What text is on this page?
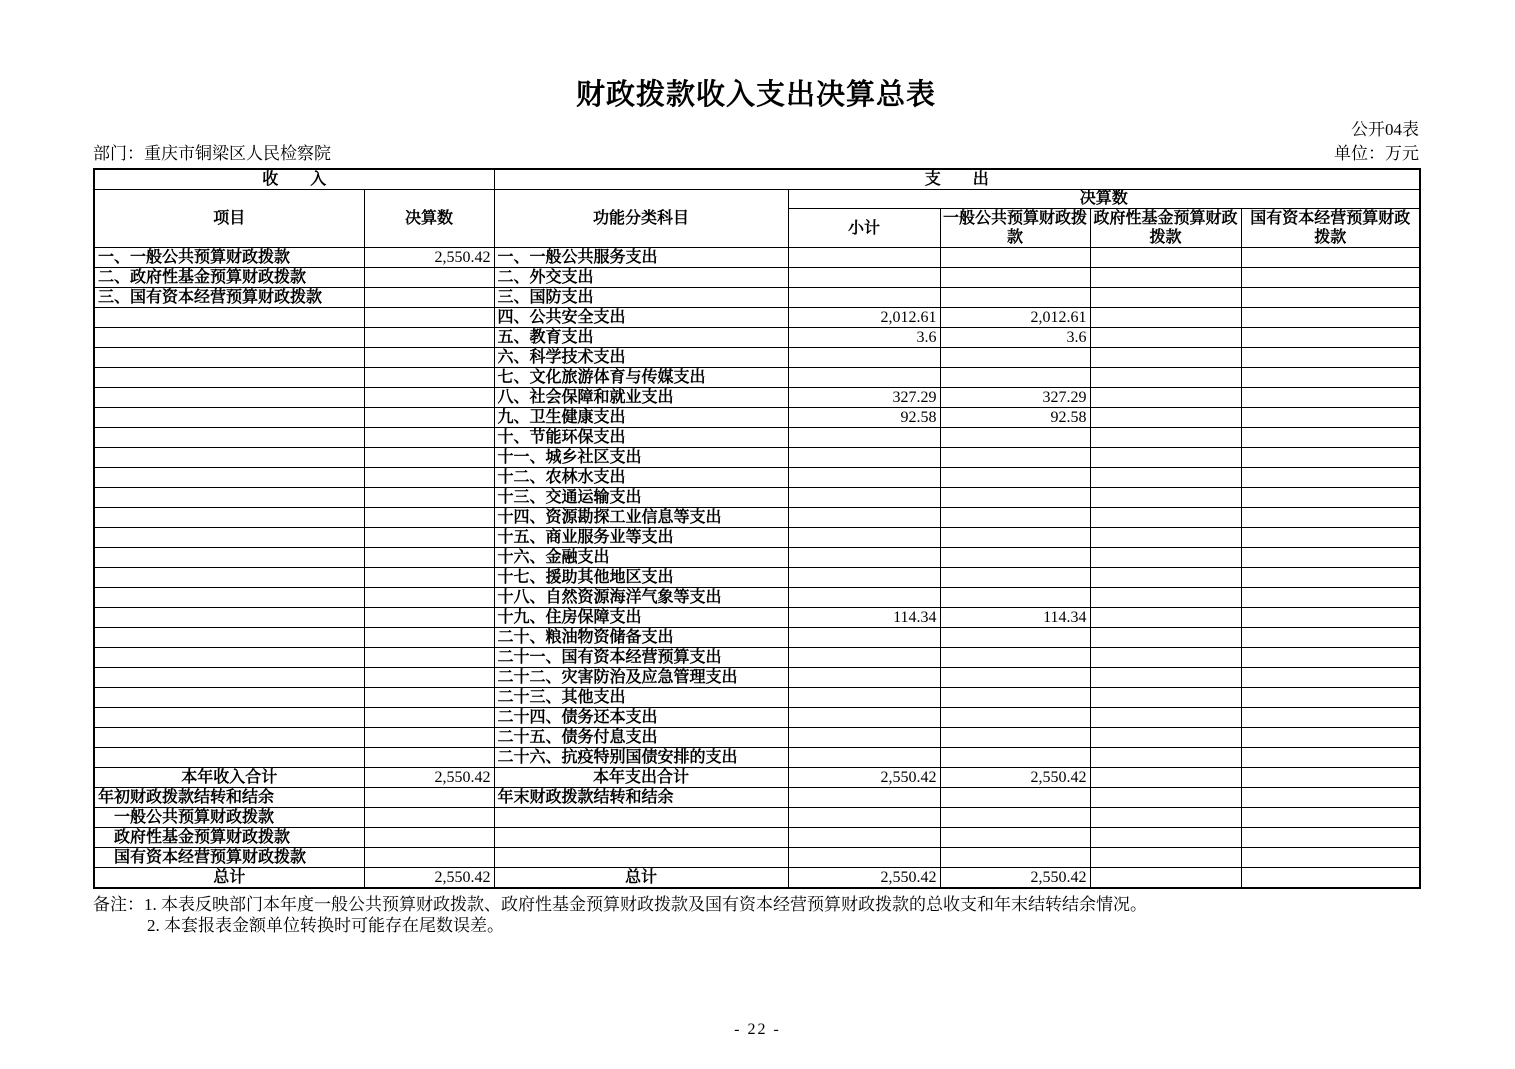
财政拨款收入支出决算总表
公开04表
部门：重庆市铜梁区人民检察院	单位：万元
收　　入		支　　出				
项目	决算数	功能分类科目	决算数			
			小计	一般公共预算财政拨款	政府性基金预算财政拨款	国有资本经营预算财政拨款
一、一般公共预算财政拨款	2,550.42	一、一般公共服务支出				
二、政府性基金预算财政拨款		二、外交支出				
三、国有资本经营预算财政拨款		三、国防支出				
		四、公共安全支出	2,012.61	2,012.61		
		五、教育支出	3.6	3.6		
		六、科学技术支出				
		七、文化旅游体育与传媒支出				
		八、社会保障和就业支出	327.29	327.29		
		九、卫生健康支出	92.58	92.58		
		十、节能环保支出				
		十一、城乡社区支出				
		十二、农林水支出				
		十三、交通运输支出				
		十四、资源勘探工业信息等支出				
		十五、商业服务业等支出				
		十六、金融支出				
		十七、援助其他地区支出				
		十八、自然资源海洋气象等支出				
		十九、住房保障支出	114.34	114.34		
		二十、粮油物资储备支出				
		二十一、国有资本经营预算支出				
		二十二、灾害防治及应急管理支出				
		二十三、其他支出				
		二十四、债务还本支出				
		二十五、债务付息支出				
		二十六、抗疫特别国债安排的支出				
本年收入合计	2,550.42	本年支出合计	2,550.42	2,550.42		
年初财政拨款结转和结余		年末财政拨款结转和结余				
一般公共预算财政拨款						
政府性基金预算财政拨款						
国有资本经营预算财政拨款						
总计	2,550.42	总计	2,550.42	2,550.42		
备注：1. 本表反映部门本年度一般公共预算财政拨款、政府性基金预算财政拨款及国有资本经营预算财政拨款的总收支和年末结转结余情况。
2. 本套报表金额单位转换时可能存在尾数误差。
- 22 -
